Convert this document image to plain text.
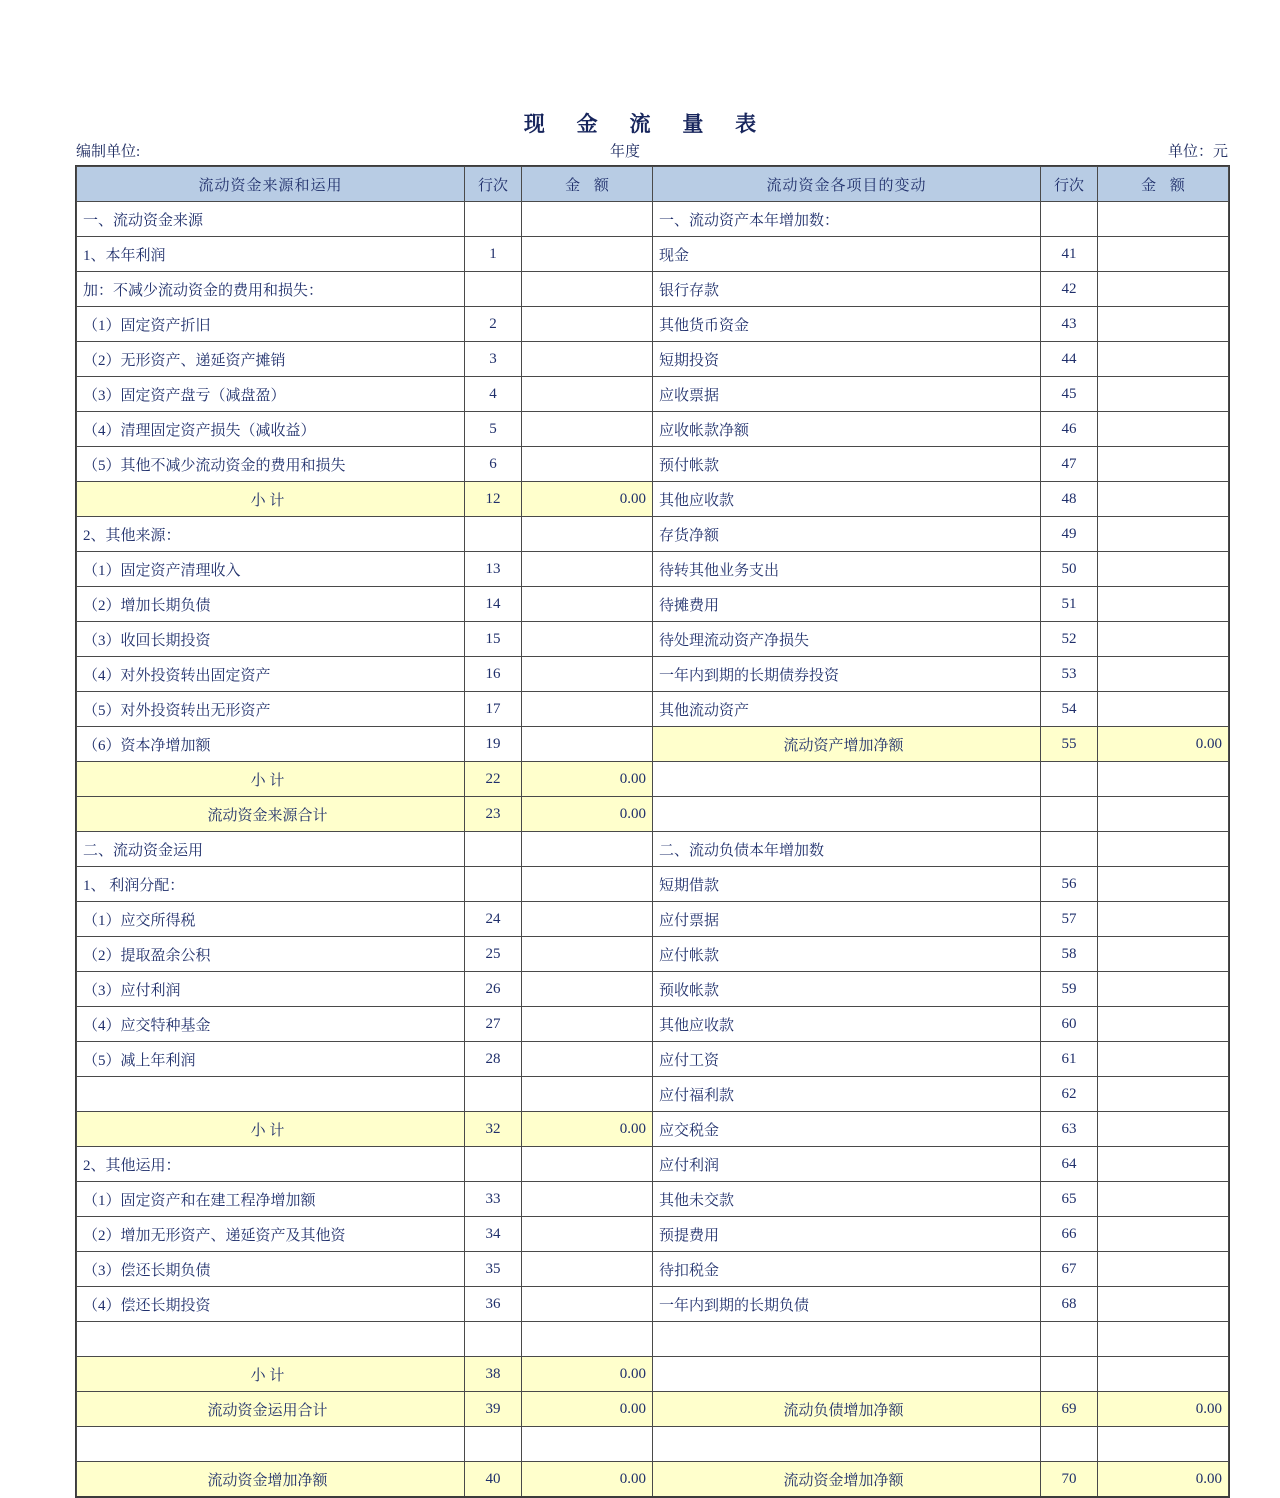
现 金 流 量 表
编制单位:	年度	单位：元
流动资金来源和运用	行次	金 额	流动资金各项目的变动	行次	金 额
一、流动资金来源			一、流动资产本年增加数：		
1、本年利润	1		现金	41	
加：不减少流动资金的费用和损失：			银行存款	42	
（1）固定资产折旧	2		其他货币资金	43	
（2）无形资产、递延资产摊销	3		短期投资	44	
（3）固定资产盘亏（减盘盈）	4		应收票据	45	
（4）清理固定资产损失（减收益）	5		应收帐款净额	46	
（5）其他不减少流动资金的费用和损失	6		预付帐款	47	
小 计	12	0.00	其他应收款	48	
2、其他来源：			存货净额	49	
（1）固定资产清理收入	13		待转其他业务支出	50	
（2）增加长期负债	14		待摊费用	51	
（3）收回长期投资	15		待处理流动资产净损失	52	
（4）对外投资转出固定资产	16		一年内到期的长期债券投资	53	
（5）对外投资转出无形资产	17		其他流动资产	54	
（6）资本净增加额	19		流动资产增加净额	55	0.00
小 计	22	0.00			
流动资金来源合计	23	0.00			
二、流动资金运用			二、流动负债本年增加数		
1、 利润分配：			短期借款	56	
（1）应交所得税	24		应付票据	57	
（2）提取盈余公积	25		应付帐款	58	
（3）应付利润	26		预收帐款	59	
（4）应交特种基金	27		其他应收款	60	
（5）减上年利润	28		应付工资	61	
			应付福利款	62	
小 计	32	0.00	应交税金	63	
2、其他运用：			应付利润	64	
（1）固定资产和在建工程净增加额	33		其他未交款	65	
（2）增加无形资产、递延资产及其他资	34		预提费用	66	
（3）偿还长期负债	35		待扣税金	67	
（4）偿还长期投资	36		一年内到期的长期负债	68	

小 计	38	0.00			
流动资金运用合计	39	0.00	流动负债增加净额	69	0.00

流动资金增加净额	40	0.00	流动资金增加净额	70	0.00
